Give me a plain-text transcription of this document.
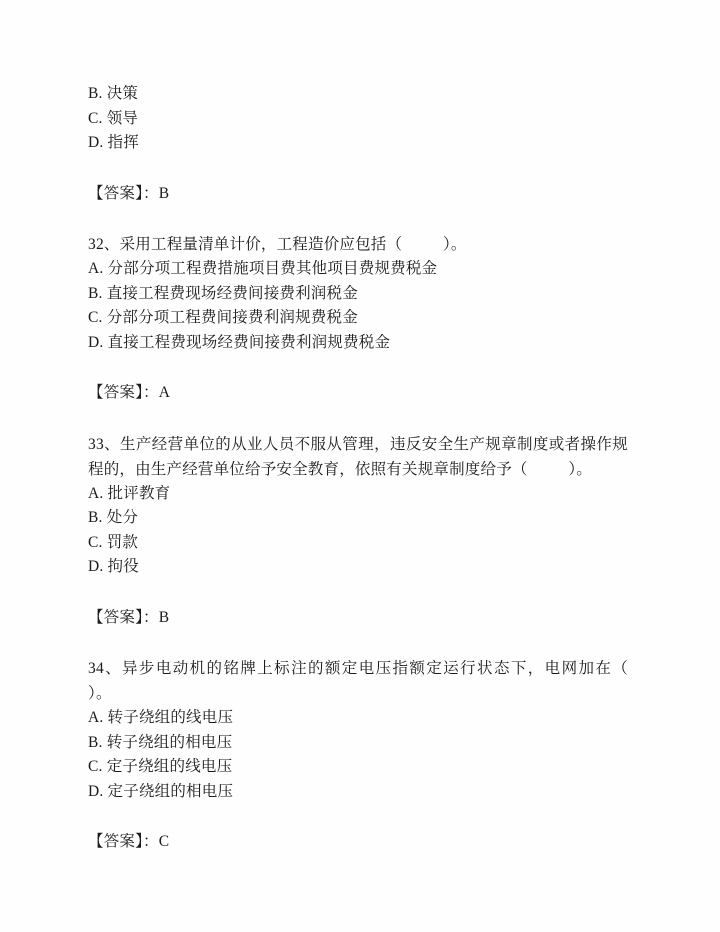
B. 决策
C. 领导
D. 指挥
【答案】：B
32、采用工程量清单计价，工程造价应包括（          ）。
A. 分部分项工程费措施项目费其他项目费规费税金
B. 直接工程费现场经费间接费利润税金
C. 分部分项工程费间接费利润规费税金
D. 直接工程费现场经费间接费利润规费税金
【答案】：A
33、生产经营单位的从业人员不服从管理，违反安全生产规章制度或者操作规程的，由生产经营单位给予安全教育，依照有关规章制度给予（          ）。
A. 批评教育
B. 处分
C. 罚款
D. 拘役
【答案】：B
34、异步电动机的铭牌上标注的额定电压指额定运行状态下，电网加在（       ）。
A. 转子绕组的线电压
B. 转子绕组的相电压
C. 定子绕组的线电压
D. 定子绕组的相电压
【答案】：C
